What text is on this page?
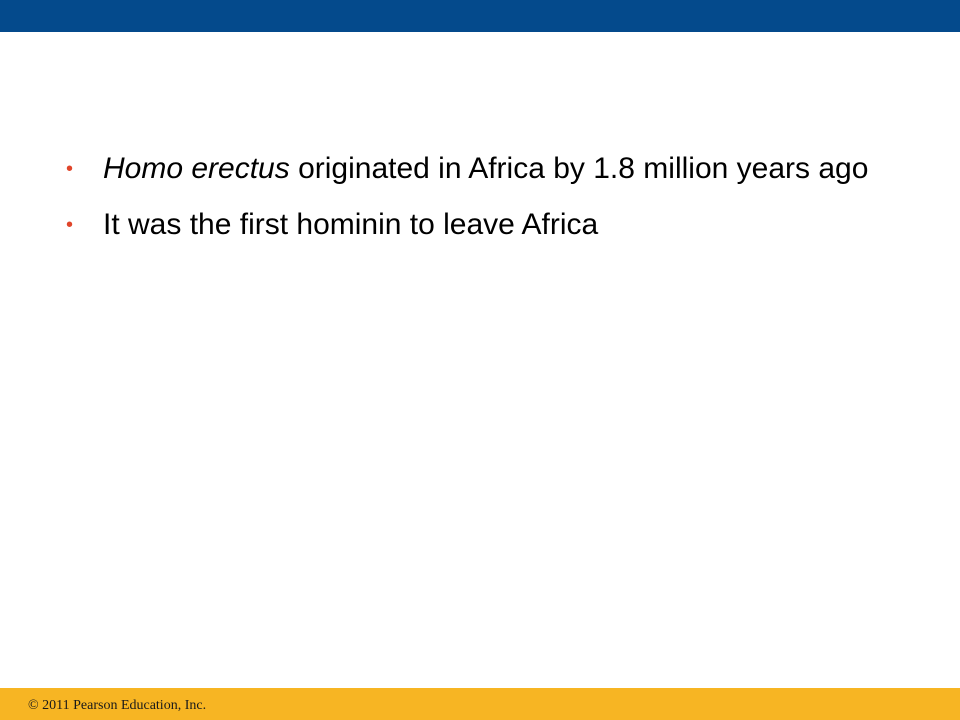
• Homo erectus originated in Africa by 1.8 million years ago
• It was the first hominin to leave Africa
© 2011 Pearson Education, Inc.
